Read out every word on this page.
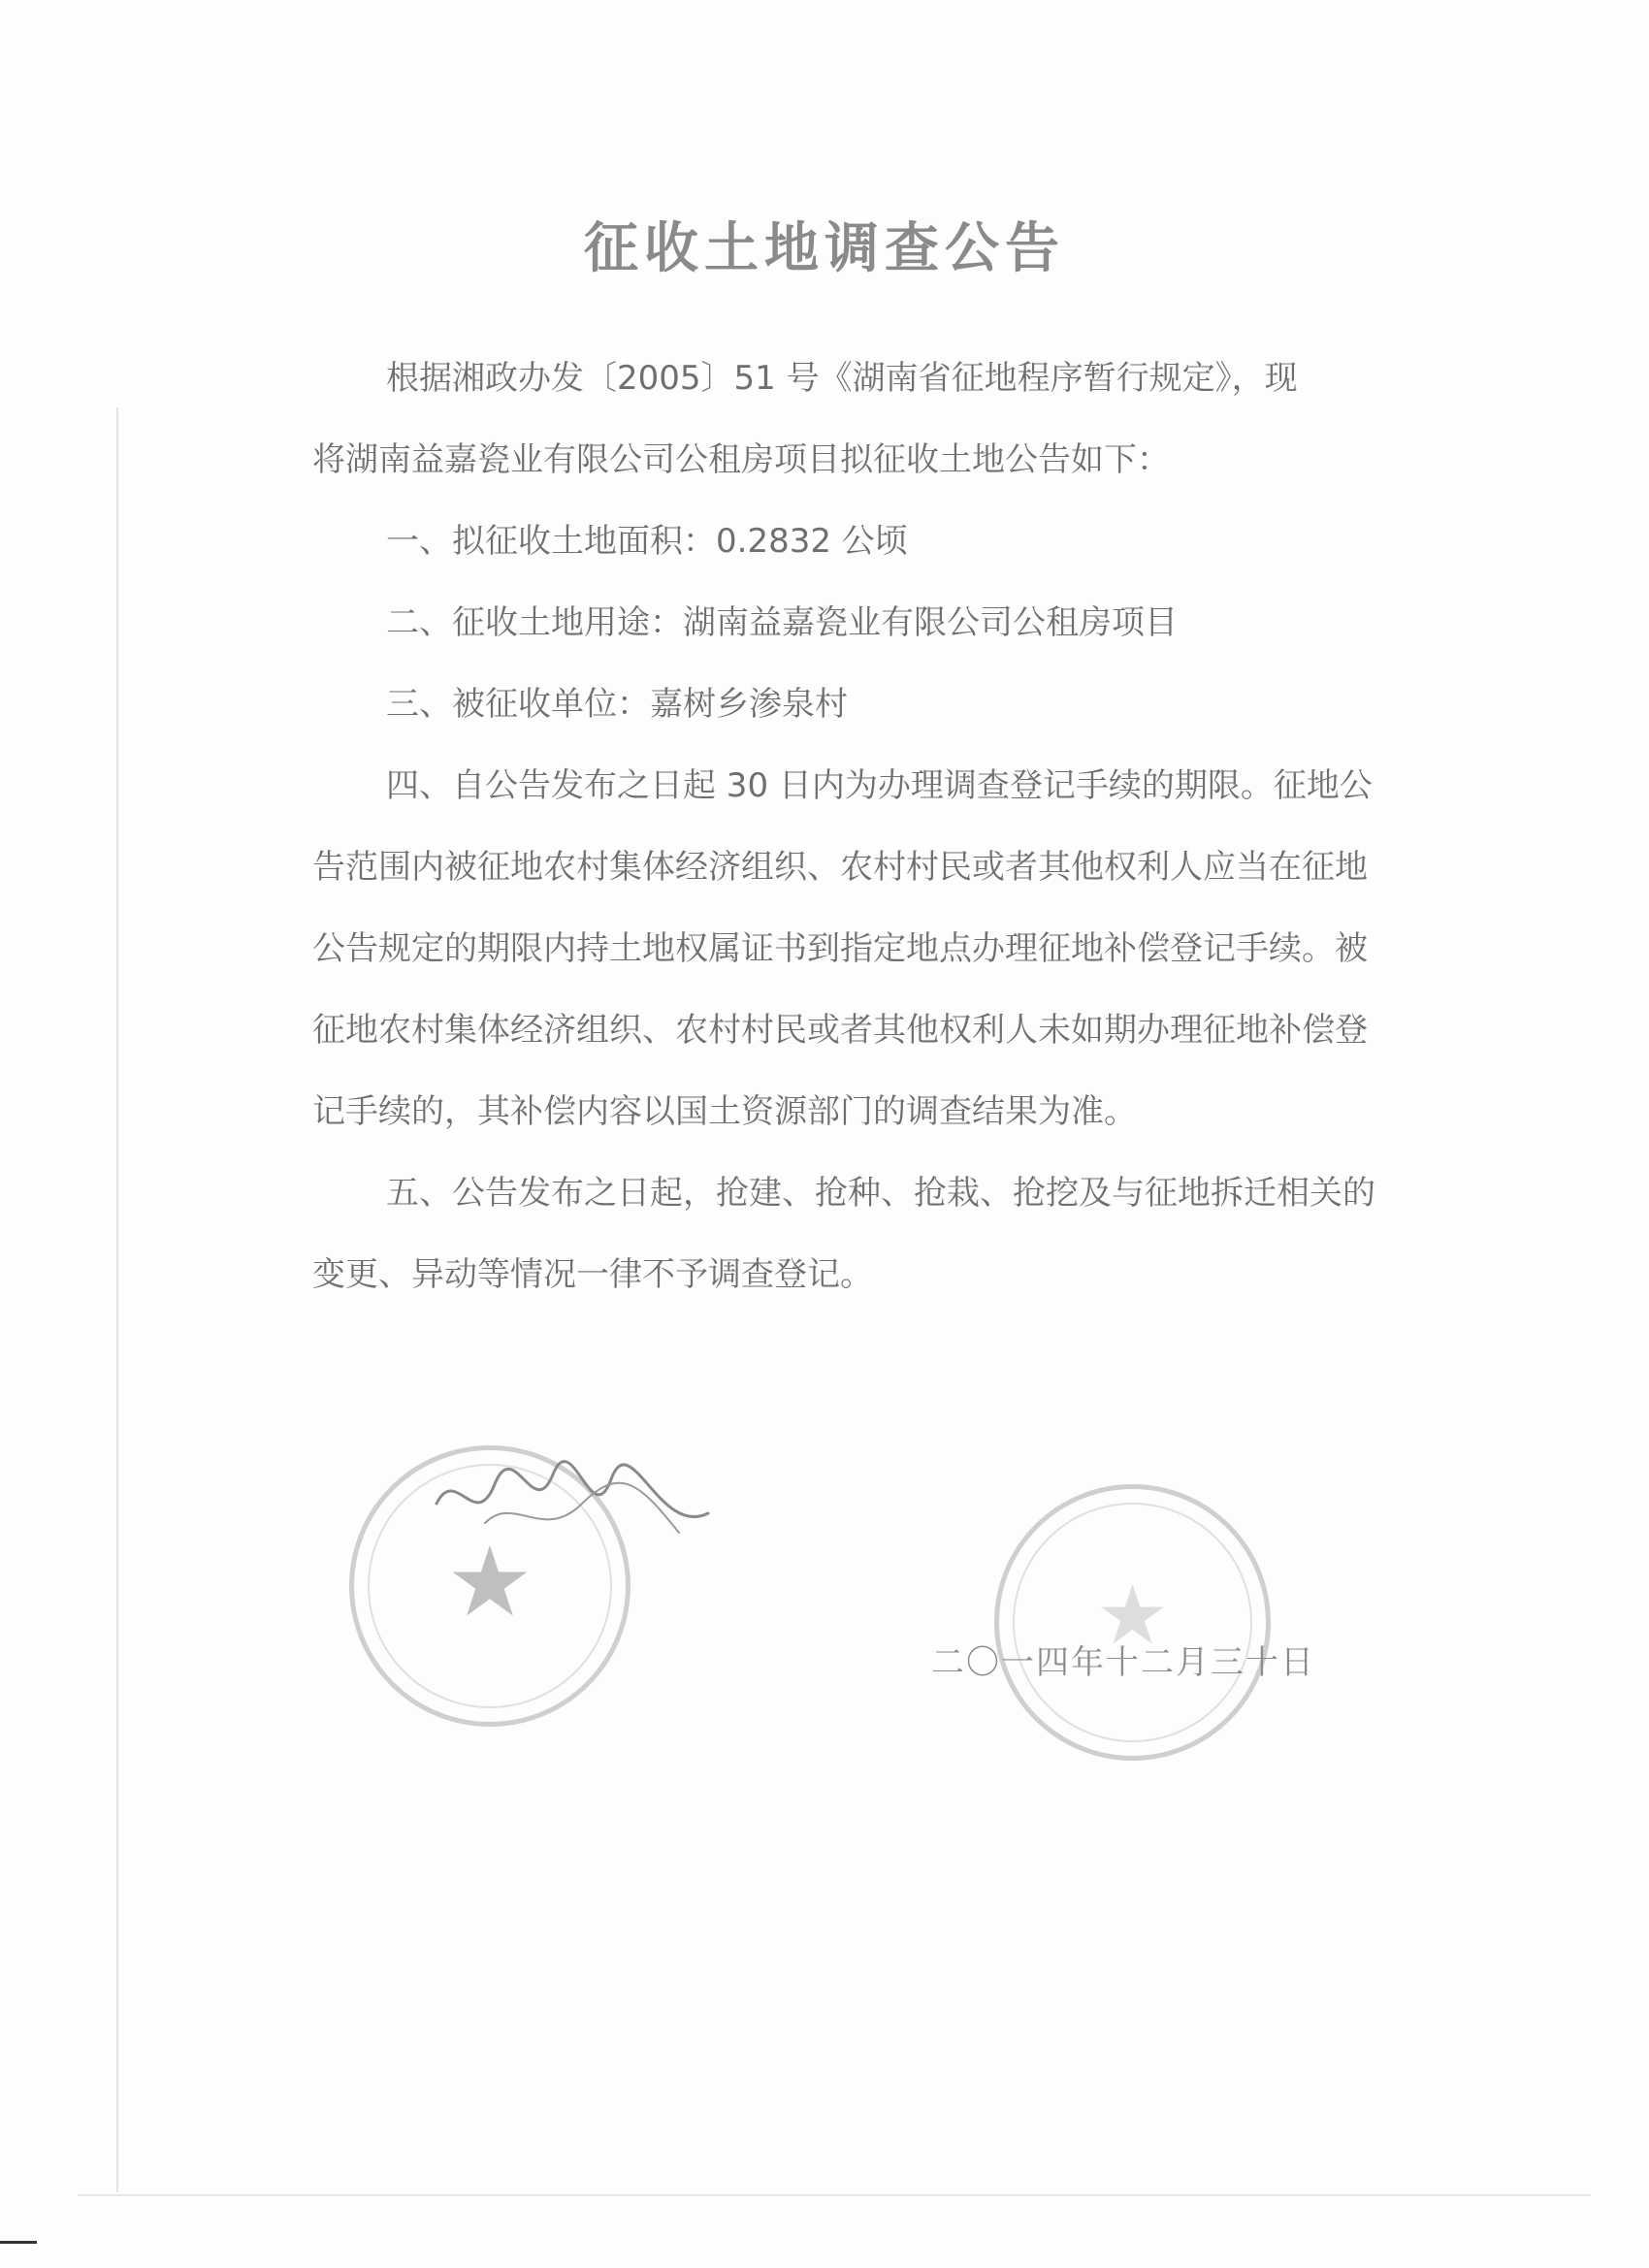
征收土地调查公告

根据湘政办发〔2005〕51 号《湖南省征地程序暂行规定》，现

将湖南益嘉瓷业有限公司公租房项目拟征收土地公告如下：

一、拟征收土地面积：0.2832 公顷

二、征收土地用途：湖南益嘉瓷业有限公司公租房项目

三、被征收单位：嘉树乡渗泉村

四、自公告发布之日起 30 日内为办理调查登记手续的期限。征地公告范围内被征地农村集体经济组织、农村村民或者其他权利人应当在征地公告规定的期限内持土地权属证书到指定地点办理征地补偿登记手续。被征地农村集体经济组织、农村村民或者其他权利人未如期办理征地补偿登记手续的，其补偿内容以国土资源部门的调查结果为准。

五、公告发布之日起，抢建、抢种、抢栽、抢挖及与征地拆迁相关的变更、异动等情况一律不予调查登记。

★	★
二〇一四年十二月三十日
